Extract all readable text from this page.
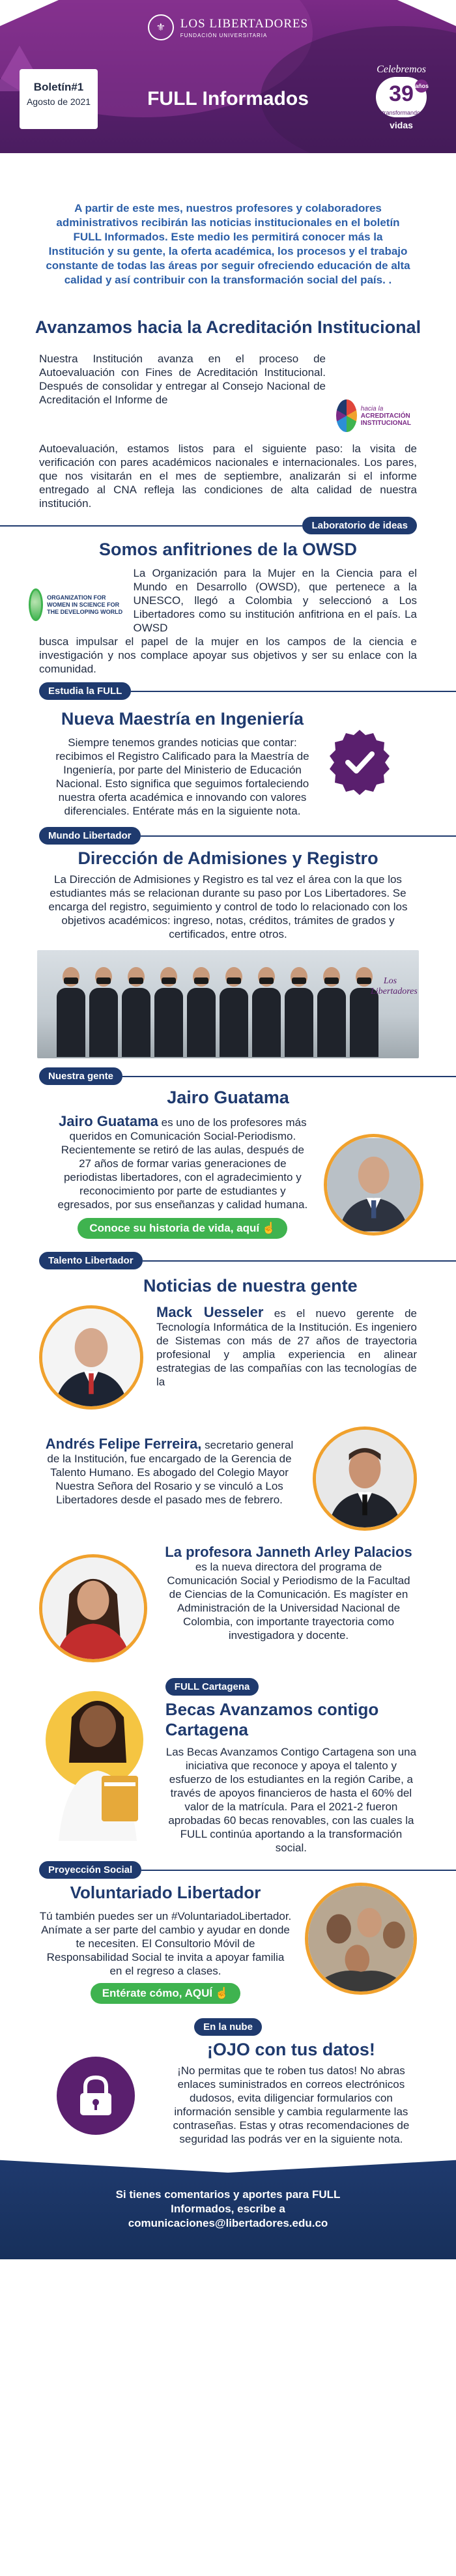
⚜	LOS LIBERTADORES
FUNDACIÓN UNIVERSITARIA
Boletín#1
Agosto de 2021	FULL Informados
Celebremos
39 años
transformando
vidas

A partir de este mes, nuestros profesores y colaboradores administrativos recibirán las noticias institucionales en el boletín FULL Informados. Este medio les permitirá conocer más la Institución y su gente, la oferta académica, los procesos y el trabajo constante de todas las áreas por seguir ofreciendo educación de alta calidad y así contribuir con la transformación social del país. .

Avanzamos hacia la Acreditación Institucional

Nuestra Institución avanza en el proceso de Autoevaluación con Fines de Acreditación Institucional. Después de consolidar y entregar al Consejo Nacional de Acreditación el Informe de

hacia la
ACREDITACIÓN
INSTITUCIONAL

Autoevaluación, estamos listos para el siguiente paso: la visita de verificación con pares académicos nacionales e internacionales. Los pares, que nos visitarán en el mes de septiembre, analizarán si el informe entregado al CNA refleja las condiciones de alta calidad de nuestra institución.

Laboratorio de ideas
Somos anfitriones de la OWSD
ORGANIZATION FOR WOMEN IN SCIENCE FOR THE DEVELOPING WORLD

La Organización para la Mujer en la Ciencia para el Mundo en Desarrollo (OWSD), que pertenece a la UNESCO, llegó a Colombia y seleccionó a Los Libertadores como su institución anfitriona en el país. La OWSD

busca impulsar el papel de la mujer en los campos de la ciencia e investigación y nos complace apoyar sus objetivos y ser su enlace con la comunidad.

Estudia la FULL
Nueva Maestría en Ingeniería

Siempre tenemos grandes noticias que contar: recibimos el Registro Calificado para la Maestría de Ingeniería, por parte del Ministerio de Educación Nacional. Esto significa que seguimos fortaleciendo nuestra oferta académica e innovando con valores diferenciales. Entérate más en la siguiente nota.

Mundo Libertador
Dirección de Admisiones y Registro

La Dirección de Admisiones y Registro es tal vez el área con la que los estudiantes más se relacionan durante su paso por Los Libertadores. Se encarga del registro, seguimiento y control de todo lo relacionado con los objetivos académicos: ingreso, notas, créditos, trámites de grados y certificados, entre otros.

Los Libertadores
Nuestra gente
Jairo Guatama

Jairo Guatama es uno de los profesores más queridos en Comunicación Social-Periodismo. Recientemente se retiró de las aulas, después de 27 años de formar varias generaciones de periodistas libertadores, con el agradecimiento y reconocimiento por parte de estudiantes y egresados, por sus enseñanzas y calidad humana.

Conoce su historia de vida, aquí ☝
Talento Libertador
Noticias de nuestra gente

Mack Uesseler es el nuevo gerente de Tecnología Informática de la Institución. Es ingeniero de Sistemas con más de 27 años de trayectoria profesional y amplia experiencia en alinear estrategias de las compañías con las tecnologías de la

Andrés Felipe Ferreira, secretario general de la Institución, fue encargado de la Gerencia de Talento Humano. Es abogado del Colegio Mayor Nuestra Señora del Rosario y se vinculó a Los Libertadores desde el pasado mes de febrero.

La profesora Janneth Arley Palacios es la nueva directora del programa de Comunicación Social y Periodismo de la Facultad de Ciencias de la Comunicación. Es magíster en Administración de la Universidad Nacional de Colombia, con importante trayectoria como investigadora y docente.

FULL Cartagena
Becas Avanzamos contigo Cartagena

Las Becas Avanzamos Contigo Cartagena son una iniciativa que reconoce y apoya el talento y esfuerzo de los estudiantes en la región Caribe, a través de apoyos financieros de hasta el 60% del valor de la matrícula. Para el 2021-2 fueron aprobadas 60 becas renovables, con las cuales la FULL continúa aportando a la transformación social.

Proyección Social
Voluntariado Libertador

Tú también puedes ser un #VoluntariadoLibertador. Anímate a ser parte del cambio y ayudar en donde te necesiten. El Consultorio Móvil de Responsabilidad Social te invita a apoyar familia en el regreso a clases.

Entérate cómo, AQUÍ ☝
En la nube
¡OJO con tus datos!

¡No permitas que te roben tus datos! No abras enlaces suministrados en correos electrónicos dudosos, evita diligenciar formularios con información sensible y cambia regularmente las contraseñas. Estas y otras recomendaciones de seguridad las podrás ver en la siguiente nota.

Si tienes comentarios y aportes para FULL
Informados, escribe a
comunicaciones@libertadores.edu.co
